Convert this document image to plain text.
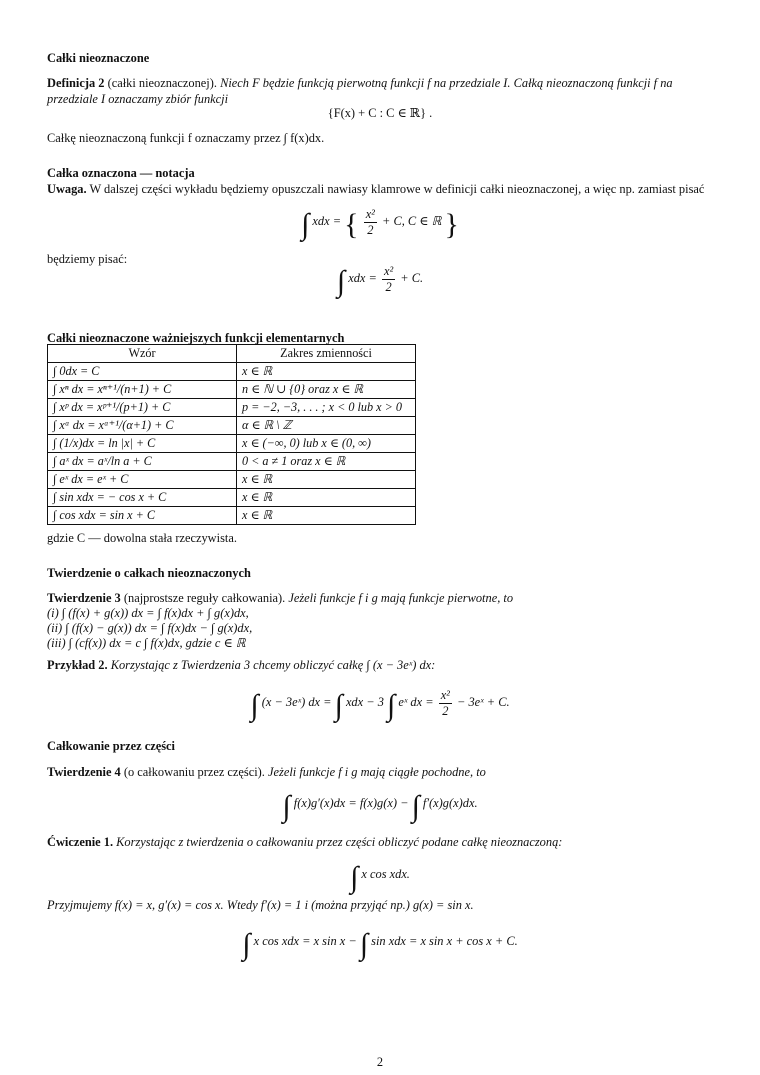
Całki nieoznaczone
Definicja 2 (całki nieoznaczonej). Niech F będzie funkcją pierwotną funkcji f na przedziale I. Całką nieoznaczoną funkcji f na przedziale I oznaczamy zbiór funkcji
{F(x) + C : C ∈ ℝ} .
Całkę nieoznaczoną funkcji f oznaczamy przez ∫ f(x)dx.
Całka oznaczona — notacja
Uwaga. W dalszej części wykładu będziemy opuszczali nawiasy klamrowe w definicji całki nieoznaczonej, a więc np. zamiast pisać
∫ xdx = { $\frac{\text{x²}}{2} + C$, C ∈ ℝ }
będziemy pisać:
∫ xdx = $\frac{\text{x²}}{2} + C$.
Całki nieoznaczone ważniejszych funkcji elementarnych
Wzór	Zakres zmienności
∫ 0dx = C	x ∈ ℝ
∫ xⁿ dx = xⁿ⁺¹/(n+1) + C	n ∈ ℕ ∪ {0} oraz x ∈ ℝ
∫ xᵖ dx = xᵖ⁺¹/(p+1) + C	p = −2, −3, . . . ; x < 0 lub x > 0
∫ xᵅ dx = xᵅ⁺¹/(α+1) + C	α ∈ ℝ \ ℤ
∫ (1/x)dx = ln |x| + C	x ∈ (−∞, 0) lub x ∈ (0, ∞)
∫ aˣ dx = aˣ/ln a + C	0 < a ≠ 1 oraz x ∈ ℝ
∫ eˣ dx = eˣ + C	x ∈ ℝ
∫ sin xdx = − cos x + C	x ∈ ℝ
∫ cos xdx = sin x + C	x ∈ ℝ
gdzie C — dowolna stała rzeczywista.
Twierdzenie o całkach nieoznaczonych
Twierdzenie 3 (najprostsze reguły całkowania). Jeżeli funkcje f i g mają funkcje pierwotne, to
(i) ∫ (f(x) + g(x)) dx = ∫ f(x)dx + ∫ g(x)dx,
(ii) ∫ (f(x) − g(x)) dx = ∫ f(x)dx − ∫ g(x)dx,
(iii) ∫ (cf(x)) dx = c ∫ f(x)dx, gdzie c ∈ ℝ
Przykład 2. Korzystając z Twierdzenia 3 chcemy obliczyć całkę ∫ (x − 3eˣ) dx:
∫ (x − 3eˣ) dx = ∫ xdx − 3 ∫ eˣ dx = $\frac{\text{x²}}{2}$ − 3eˣ + C.
Całkowanie przez części
Twierdzenie 4 (o całkowaniu przez części). Jeżeli funkcje f i g mają ciągłe pochodne, to
∫ f(x)g′(x)dx = f(x)g(x) − ∫ f′(x)g(x)dx.
Ćwiczenie 1. Korzystając z twierdzenia o całkowaniu przez części obliczyć podane całkę nieoznaczoną:
∫ x cos xdx.
Przyjmujemy f(x) = x, g′(x) = cos x. Wtedy f′(x) = 1 i (można przyjąć np.) g(x) = sin x.
∫ x cos xdx = x sin x − ∫ sin xdx = x sin x + cos x + C.
2
